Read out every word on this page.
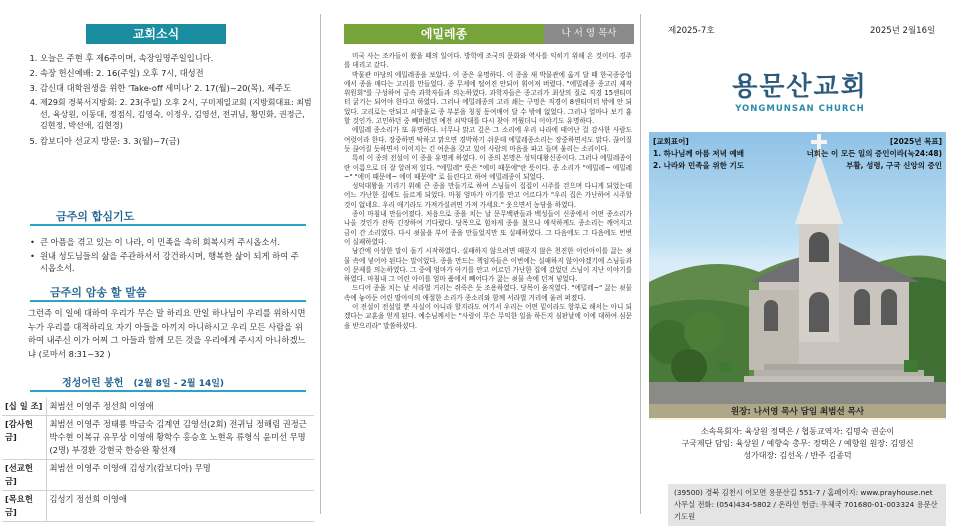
교회소식
1. 오늘은 주현 후 제6주이며, 속장임명주일입니다.
2. 속장 헌신예배: 2. 16(주일) 오후 7시, 대성전
3. 감신대 대학원생을 위한 'Take-off 세미나' 2. 17(월)~20(목), 제주도
4. 제29회 경북서지방회: 2. 23(주일) 오후 2시, 구미제일교회 (지방회대표: 최범선, 육상원, 이동대, 정점식, 김영숙, 이정우, 김영선, 전귀님, 황민화, 권정근, 김현정, 박선애, 김현경)
5. 캄보디아 선교지 방문: 3. 3(월)~7(금)
금주의 합심기도
• 큰 아픔을 겪고 있는 이 나라, 이 민족을 속히 회복시켜 주시옵소서.
• 원내 성도님들의 삶을 주관하셔서 강건하시며, 행복한 삶이 되게 하여 주시옵소서.
금주의 암송 할 말씀
그런즉 이 일에 대하여 우리가 무슨 말 하리요 만일 하나님이 우리를 위하시면 누가 우리를 대적하리요 자기 아들을 아끼지 아니하시고 우리 모든 사람을 위하여 내주신 이가 어찌 그 아들과 함께 모든 것을 우리에게 주시지 아니하겠느냐 (로마서 8:31~32 )
정성어린 봉헌 (2월 8일 - 2월 14일)
[십 일 조]	최범선 이영주 정선희 이영애
[감사헌금]	최범선 이영주 정태룡 박금숙 김계연 김영선(2회) 전귀님 정해림 권정근 박수현 이복규 유무상 이영애 황학수 홍승호 노현옥 류형식 윤미선 무명(2명) 부경환 강현국 한승완 황선재
[선교헌금]	최범선 이영주 이영애 김성기(캄보디아) 무명
[목요헌금]	김성기 정선희 이영애
에밀레종	나 서 영 목사

미국 사는 조카들이 왔을 때의 일이다. 방학에 조국의 문화와 역사를 익히기 위해 온 것이다. 경주를 데리고 갔다.

박물관 마당의 에밀레종을 보았다. 이 종은 유명하다. 이 종을 새 박물관에 옮겨 달 때 한국종중업에서 종을 매다는 고리를 만들었다. 종 무게에 떨어진 안되어 휘어져 버렸다. "에밀레종 종고리 제작위원회"를 구성하여 금속 과학자들과 의논하였다. 과학자들은 종고리가 최상의 질로 직경 15센티미터 굵기는 되어야 한다고 하였다. 그러나 에밀레종의 고리 쇄는 구멍은 직경이 8센티미터 밖에 안 되었다. 고리로는 안되고 쇠방울로 종 부분을 칭칭 동여매어 달 수 밖에 없었다. 그러나 얼마나 보기 흉할 것인가. 고민하던 중 빼버렸던 예전 쇠막대를 다시 찾아 끼웠더니 이야기도 유명하다.

에밀레 종소리가 또 유명하다. 너무나 맑고 깊은 그 소리에 우리 나라에 태어난 걸 감사한 사람도 여럿이라 한다. 장중하면 탁하고 맑으면 경박하기 쉬운데 에밀레종소리는 장중하면서도 맑다. 끊어질 듯 끊어질 듯하면서 이어지는 긴 여운을 갖고 있어 사람의 마음을 파고 들며 울리는 소리이다.

특히 이 종의 전설이 이 종을 유명케 하였다. 이 종의 본명은 성덕대왕신종이다. 그러나 에밀레종이란 이름으로 더 잘 알려져 있다. "에밀레" 뜻은 "에미 때문에"란 뜻이다. 종 소리가 "에밀레~ 에밀레~" "에미 때문에~ 에미 때문에" 로 들린다고 하여 에밀레종이 되었다.

성덕대왕을 기리기 위해 큰 종을 만들기로 하여 스님들이 집집이 시주를 걷으며 다니게 되었는데 어느 가난한 집에도 들르게 되었다. 마침 엄마가 아기를 안고 어르다가 "우리 집은 가난하여 시주할 것이 없네요. 우리 애기라도 가져가실려면 가져 가세요." 웃으면서 농담을 하였다.

종이 마침내 만들어졌다. 처음으로 종을 치는 날 문무백관들과 백성들이 신종에서 어떤 종소리가 나올 것인가 잔뜩 긴장하여 기다렸다. 당목으로 힘차게 종을 쳤으나 애석하게도 종소리는 깨어지고 금이 간 소리였다. 다시 쇳물을 부어 종을 만들었지만 또 실패하였다. 그 다음에도 그 다음에도 번번이 실패하였다.

낭간에 이상한 말이 돌기 시작하였다. 실패하지 않으려면 때묻지 않은 천진한 어린아이를 끓는 쇳물 속에 넣어야 된다는 말이었다. 종을 만드는 책임자들은 이번에는 실패하지 않아야겠기에 스님들과 이 문제를 의논하였다. 그 중에 엄마가 아기를 안고 어르던 가난한 집에 갔었던 스님이 지난 이야기를 하였다. 마침내 그 어린 아이를 엄마 품에서 빼어다가 끓는 쇳물 속에 던져 넣었다.

드디어 종을 치는 날 서라벌 거리는 쥐죽은 듯 조용하였다. 당목이 움직였다. "에밀레~" 끓는 쇳물 속에 놓아둔 어린 딸아이의 애절한 소리가 종소리와 함께 서라벌 거리에 울려 퍼졌다.

이 전설이 전설일 뿐 사실이 아니라 할지라도 여기서 우리는 어떤 밑이라도 항부로 해서는 아니 되겠다는 교훈을 얻게 된다. 예수님께서는 "사랑이 무슨 무익한 일을 하든지 심판날에 이에 대하여 심문을 받으리라" 말씀하셨다.

제2025-7호	2025년 2월16일
용문산교회
YONGMUNSAN CHURCH
[교회표어]
1. 하나님께 아름 저녁 예배
2. 나라와 민족을 위한 기도
[2025년 목표]
너희는 이 모든 일의 증인이라(눅24:48)
부활, 성령, 구국 신앙의 증인
원장: 나서영 목사 담임 최범선 목사
소속목회자: 육상원 정택은 / 협동교역자: 김명숙 권순이
구국제단 담임: 육상원 / 예향숙 총무: 정택은 / 예향원 원장: 김영신
성가대장: 김선옥 / 반주 김종덕
(39500) 경북 김천시 어모면 용문산길 551-7 / 홈페이지: www.prayhouse.net
사무실 전화: (054)434-5802 / 온라인 헌금: 우체국 701680-01-003324 용문산기도원
